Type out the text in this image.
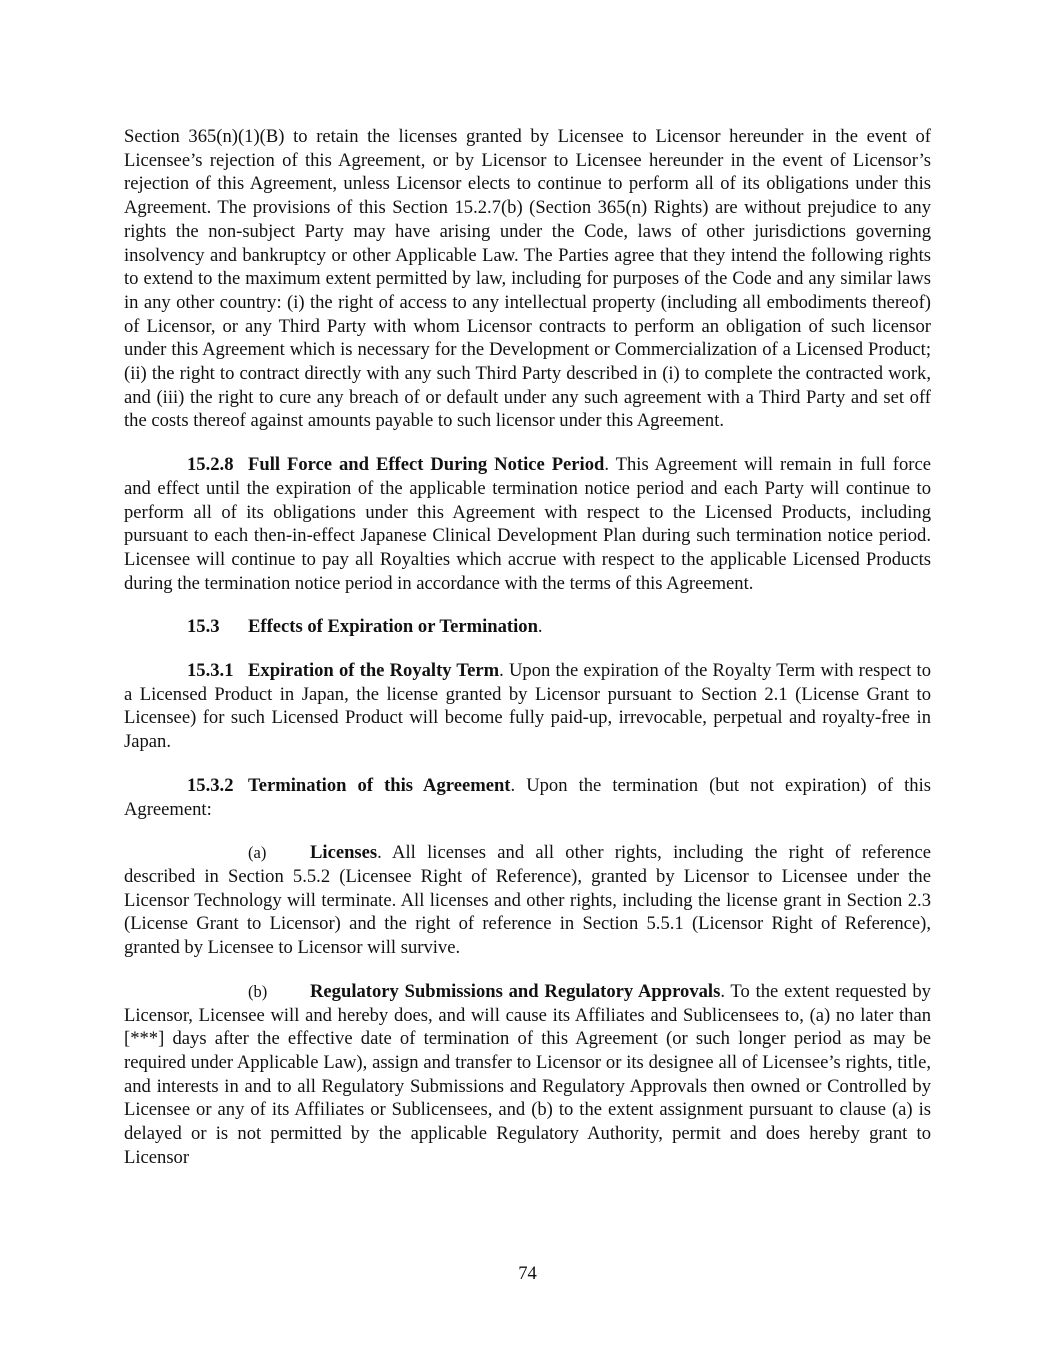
Section 365(n)(1)(B) to retain the licenses granted by Licensee to Licensor hereunder in the event of Licensee’s rejection of this Agreement, or by Licensor to Licensee hereunder in the event of Licensor’s rejection of this Agreement, unless Licensor elects to continue to perform all of its obligations under this Agreement. The provisions of this Section 15.2.7(b) (Section 365(n) Rights) are without prejudice to any rights the non-subject Party may have arising under the Code, laws of other jurisdictions governing insolvency and bankruptcy or other Applicable Law. The Parties agree that they intend the following rights to extend to the maximum extent permitted by law, including for purposes of the Code and any similar laws in any other country: (i) the right of access to any intellectual property (including all embodiments thereof) of Licensor, or any Third Party with whom Licensor contracts to perform an obligation of such licensor under this Agreement which is necessary for the Development or Commercialization of a Licensed Product; (ii) the right to contract directly with any such Third Party described in (i) to complete the contracted work, and (iii) the right to cure any breach of or default under any such agreement with a Third Party and set off the costs thereof against amounts payable to such licensor under this Agreement.

15.2.8 Full Force and Effect During Notice Period. This Agreement will remain in full force and effect until the expiration of the applicable termination notice period and each Party will continue to perform all of its obligations under this Agreement with respect to the Licensed Products, including pursuant to each then-in-effect Japanese Clinical Development Plan during such termination notice period. Licensee will continue to pay all Royalties which accrue with respect to the applicable Licensed Products during the termination notice period in accordance with the terms of this Agreement.

15.3 Effects of Expiration or Termination.

15.3.1 Expiration of the Royalty Term. Upon the expiration of the Royalty Term with respect to a Licensed Product in Japan, the license granted by Licensor pursuant to Section 2.1 (License Grant to Licensee) for such Licensed Product will become fully paid-up, irrevocable, perpetual and royalty-free in Japan.

15.3.2 Termination of this Agreement. Upon the termination (but not expiration) of this Agreement:

(a) Licenses. All licenses and all other rights, including the right of reference described in Section 5.5.2 (Licensee Right of Reference), granted by Licensor to Licensee under the Licensor Technology will terminate. All licenses and other rights, including the license grant in Section 2.3 (License Grant to Licensor) and the right of reference in Section 5.5.1 (Licensor Right of Reference), granted by Licensee to Licensor will survive.

(b) Regulatory Submissions and Regulatory Approvals. To the extent requested by Licensor, Licensee will and hereby does, and will cause its Affiliates and Sublicensees to, (a) no later than [***] days after the effective date of termination of this Agreement (or such longer period as may be required under Applicable Law), assign and transfer to Licensor or its designee all of Licensee’s rights, title, and interests in and to all Regulatory Submissions and Regulatory Approvals then owned or Controlled by Licensee or any of its Affiliates or Sublicensees, and (b) to the extent assignment pursuant to clause (a) is delayed or is not permitted by the applicable Regulatory Authority, permit and does hereby grant to Licensor

74
